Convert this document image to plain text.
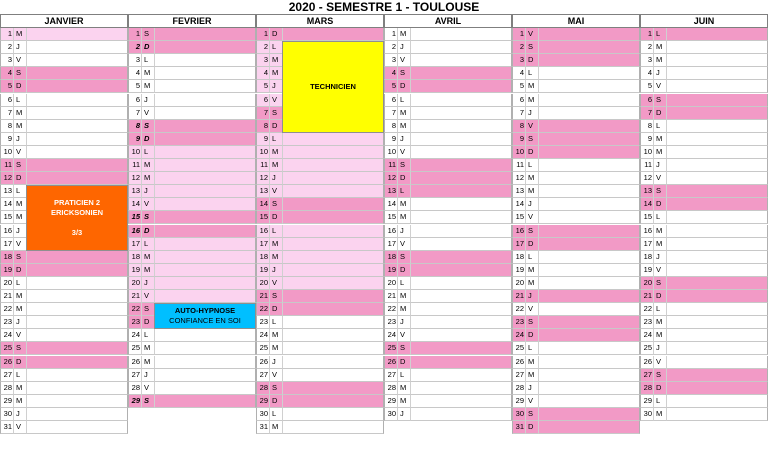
2020 - SEMESTRE 1 - TOULOUSE
JANVIER
1 M
2 J
3 V
4 S
5 D
6 L
7 M
8 M
9 J
10 V
11 S
12 D
13 L
14 M
15 M
16 J
17 V
18 S
19 D
20 L
21 M
22 M
23 J
24 V
25 S
26 D
27 L
28 M
29 M
30 J
31 V
FEVRIER
1 S
2 D
3 L
4 M
5 M
6 J
7 V
8 S
9 D
10 L
11 M
12 M
13 J
14 V
15 S
16 D
17 L
18 M
19 M
20 J
21 V
22 S
23 D
24 L
25 M
26 M
27 J
28 V
29 S
MARS
1 D
2 L
3 M
4 M
5 J
6 V
7 S
8 D
9 L
10 M
11 M
12 J
13 V
14 S
15 D
16 L
17 M
18 M
19 J
20 V
21 S
22 D
23 L
24 M
25 M
26 J
27 V
28 S
29 D
30 L
31 M
AVRIL
1 M
2 J
3 V
4 S
5 D
6 L
7 M
8 M
9 J
10 V
11 S
12 D
13 L
14 M
15 M
16 J
17 V
18 S
19 D
20 L
21 M
22 M
23 J
24 V
25 S
26 D
27 L
28 M
29 M
30 J
MAI
1 V
2 S
3 D
4 L
5 M
6 M
7 J
8 V
9 S
10 D
11 L
12 M
13 M
14 J
15 V
16 S
17 D
18 L
19 M
20 M
21 J
22 V
23 S
24 D
25 L
26 M
27 M
28 J
29 V
30 S
31 D
JUIN
1 L
2 M
3 M
4 J
5 V
6 S
7 D
8 L
9 M
10 M
11 J
12 V
13 S
14 D
15 L
16 M
17 M
18 J
19 V
20 S
21 D
22 L
23 M
24 M
25 J
26 V
27 S
28 D
29 L
30 M
PRATICIEN 2
ERICKSONIEN

3/3
TECHNICIEN
AUTO-HYPNOSE
CONFIANCE EN SOI
